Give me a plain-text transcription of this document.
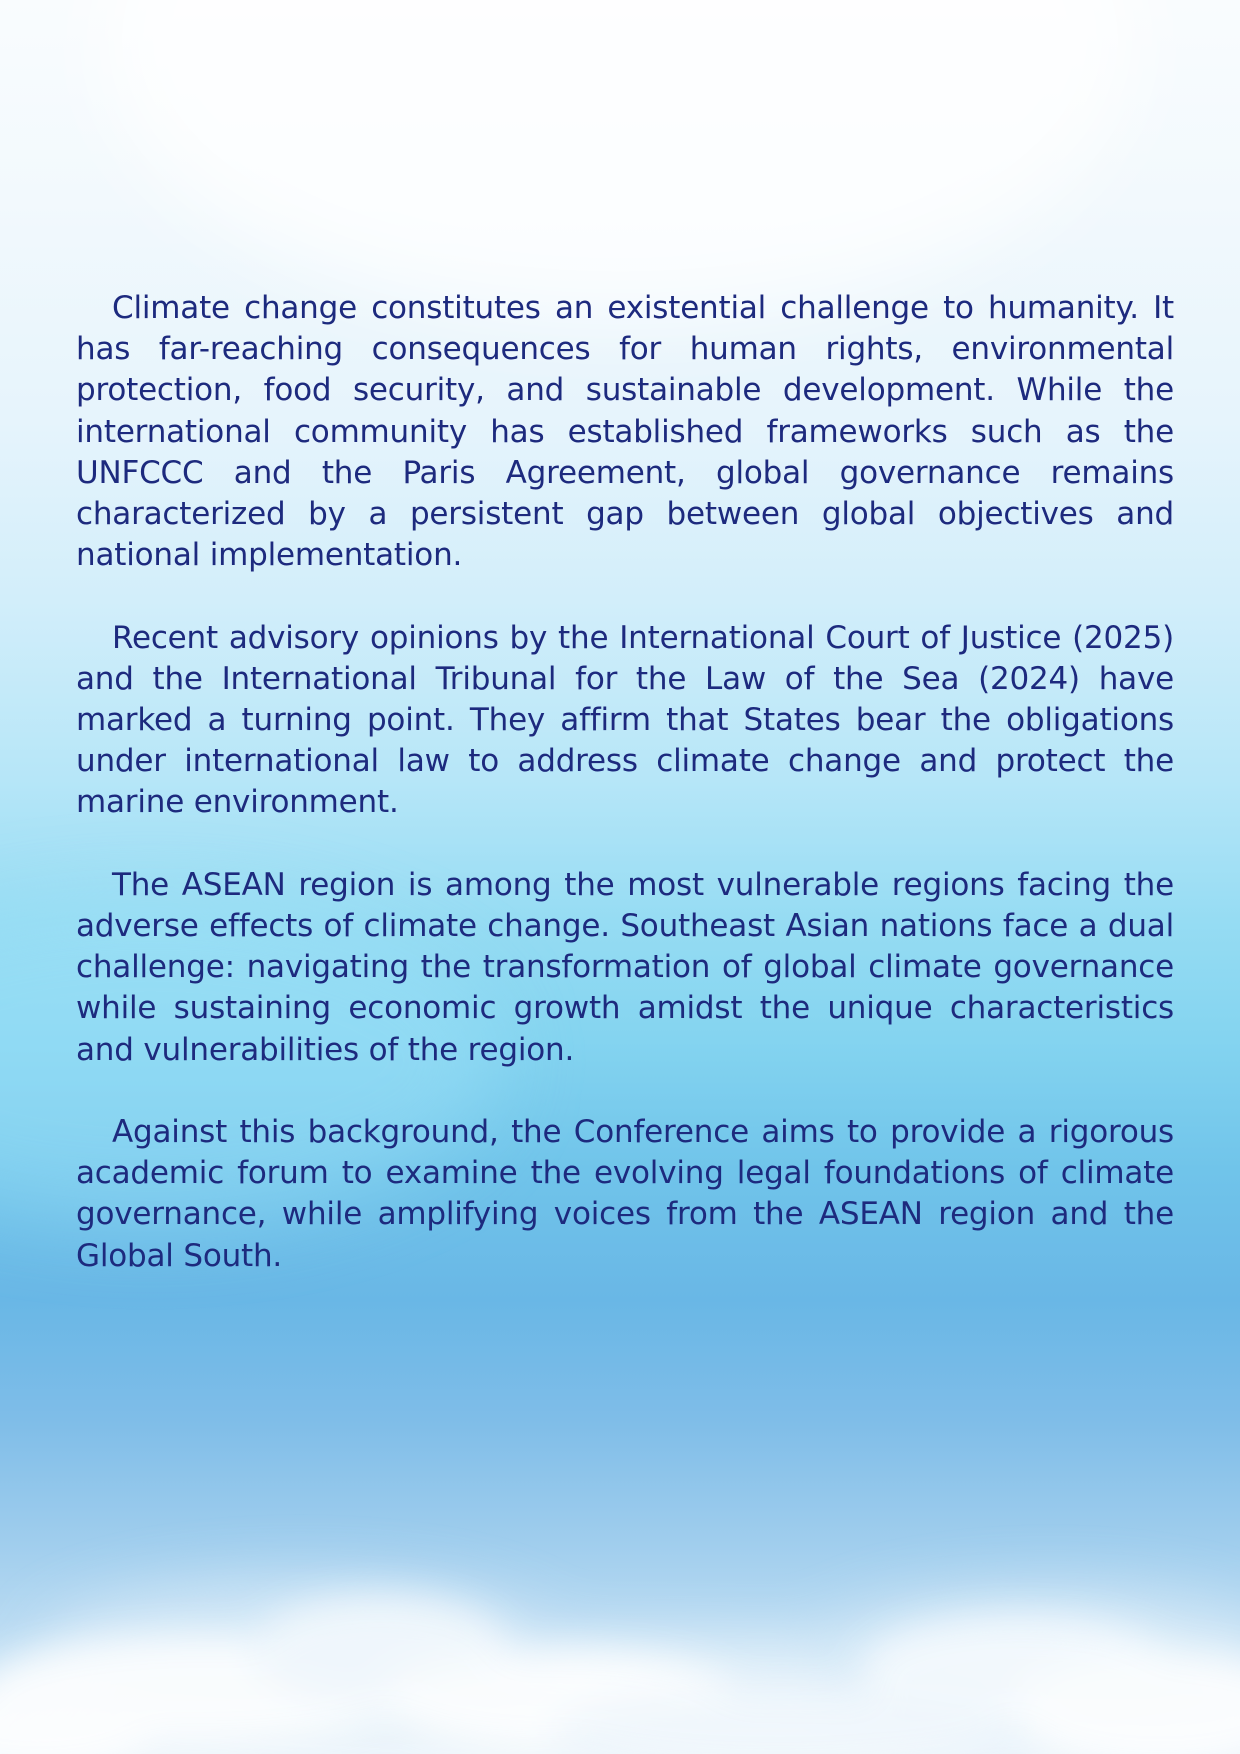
Climate change constitutes an existential challenge to humanity. It has far-reaching consequences for human rights, environmental protection, food security, and sustainable development. While the international community has established frameworks such as the UNFCCC and the Paris Agreement, global governance remains characterized by a persistent gap between global objectives and national implementation.

Recent advisory opinions by the International Court of Justice (2025) and the International Tribunal for the Law of the Sea (2024) have marked a turning point. They affirm that States bear the obligations under international law to address climate change and protect the marine environment.

The ASEAN region is among the most vulnerable regions facing the adverse effects of climate change. Southeast Asian nations face a dual challenge: navigating the transformation of global climate governance while sustaining economic growth amidst the unique characteristics and vulnerabilities of the region.

Against this background, the Conference aims to provide a rigorous academic forum to examine the evolving legal foundations of climate governance, while amplifying voices from the ASEAN region and the Global South.
